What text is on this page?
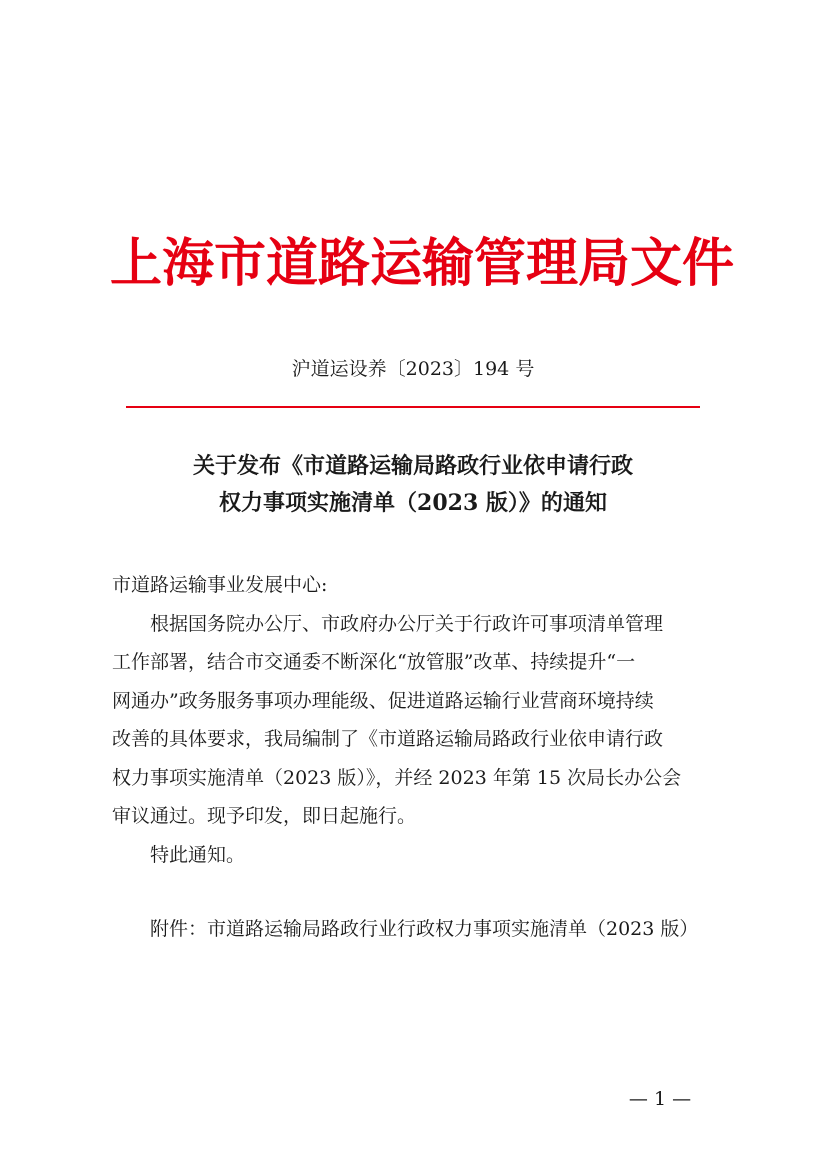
上海市道路运输管理局文件
沪道运设养〔2023〕194 号
关于发布《市道路运输局路政行业依申请行政
权力事项实施清单（2023 版）》的通知
市道路运输事业发展中心:
根据国务院办公厅、市政府办公厅关于行政许可事项清单管理
工作部署，结合市交通委不断深化“放管服”改革、持续提升“一
网通办”政务服务事项办理能级、促进道路运输行业营商环境持续
改善的具体要求，我局编制了《市道路运输局路政行业依申请行政
权力事项实施清单（2023 版）》，并经 2023 年第 15 次局长办公会
审议通过。现予印发，即日起施行。
特此通知。
附件：市道路运输局路政行业行政权力事项实施清单（2023 版）
— 1 —
